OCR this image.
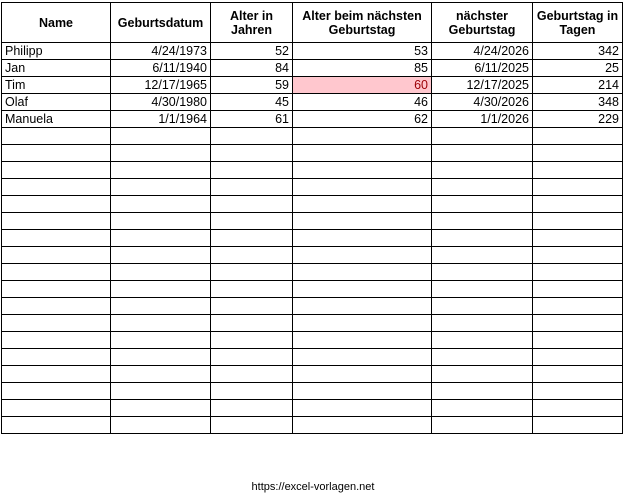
Name	Geburtsdatum	Alter in Jahren	Alter beim nächsten Geburtstag	nächster Geburtstag	Geburtstag in Tagen
Philipp	4/24/1973	52	53	4/24/2026	342
Jan	6/11/1940	84	85	6/11/2025	25
Tim	12/17/1965	59	60	12/17/2025	214
Olaf	4/30/1980	45	46	4/30/2026	348
Manuela	1/1/1964	61	62	1/1/2026	229

https://excel-vorlagen.net
